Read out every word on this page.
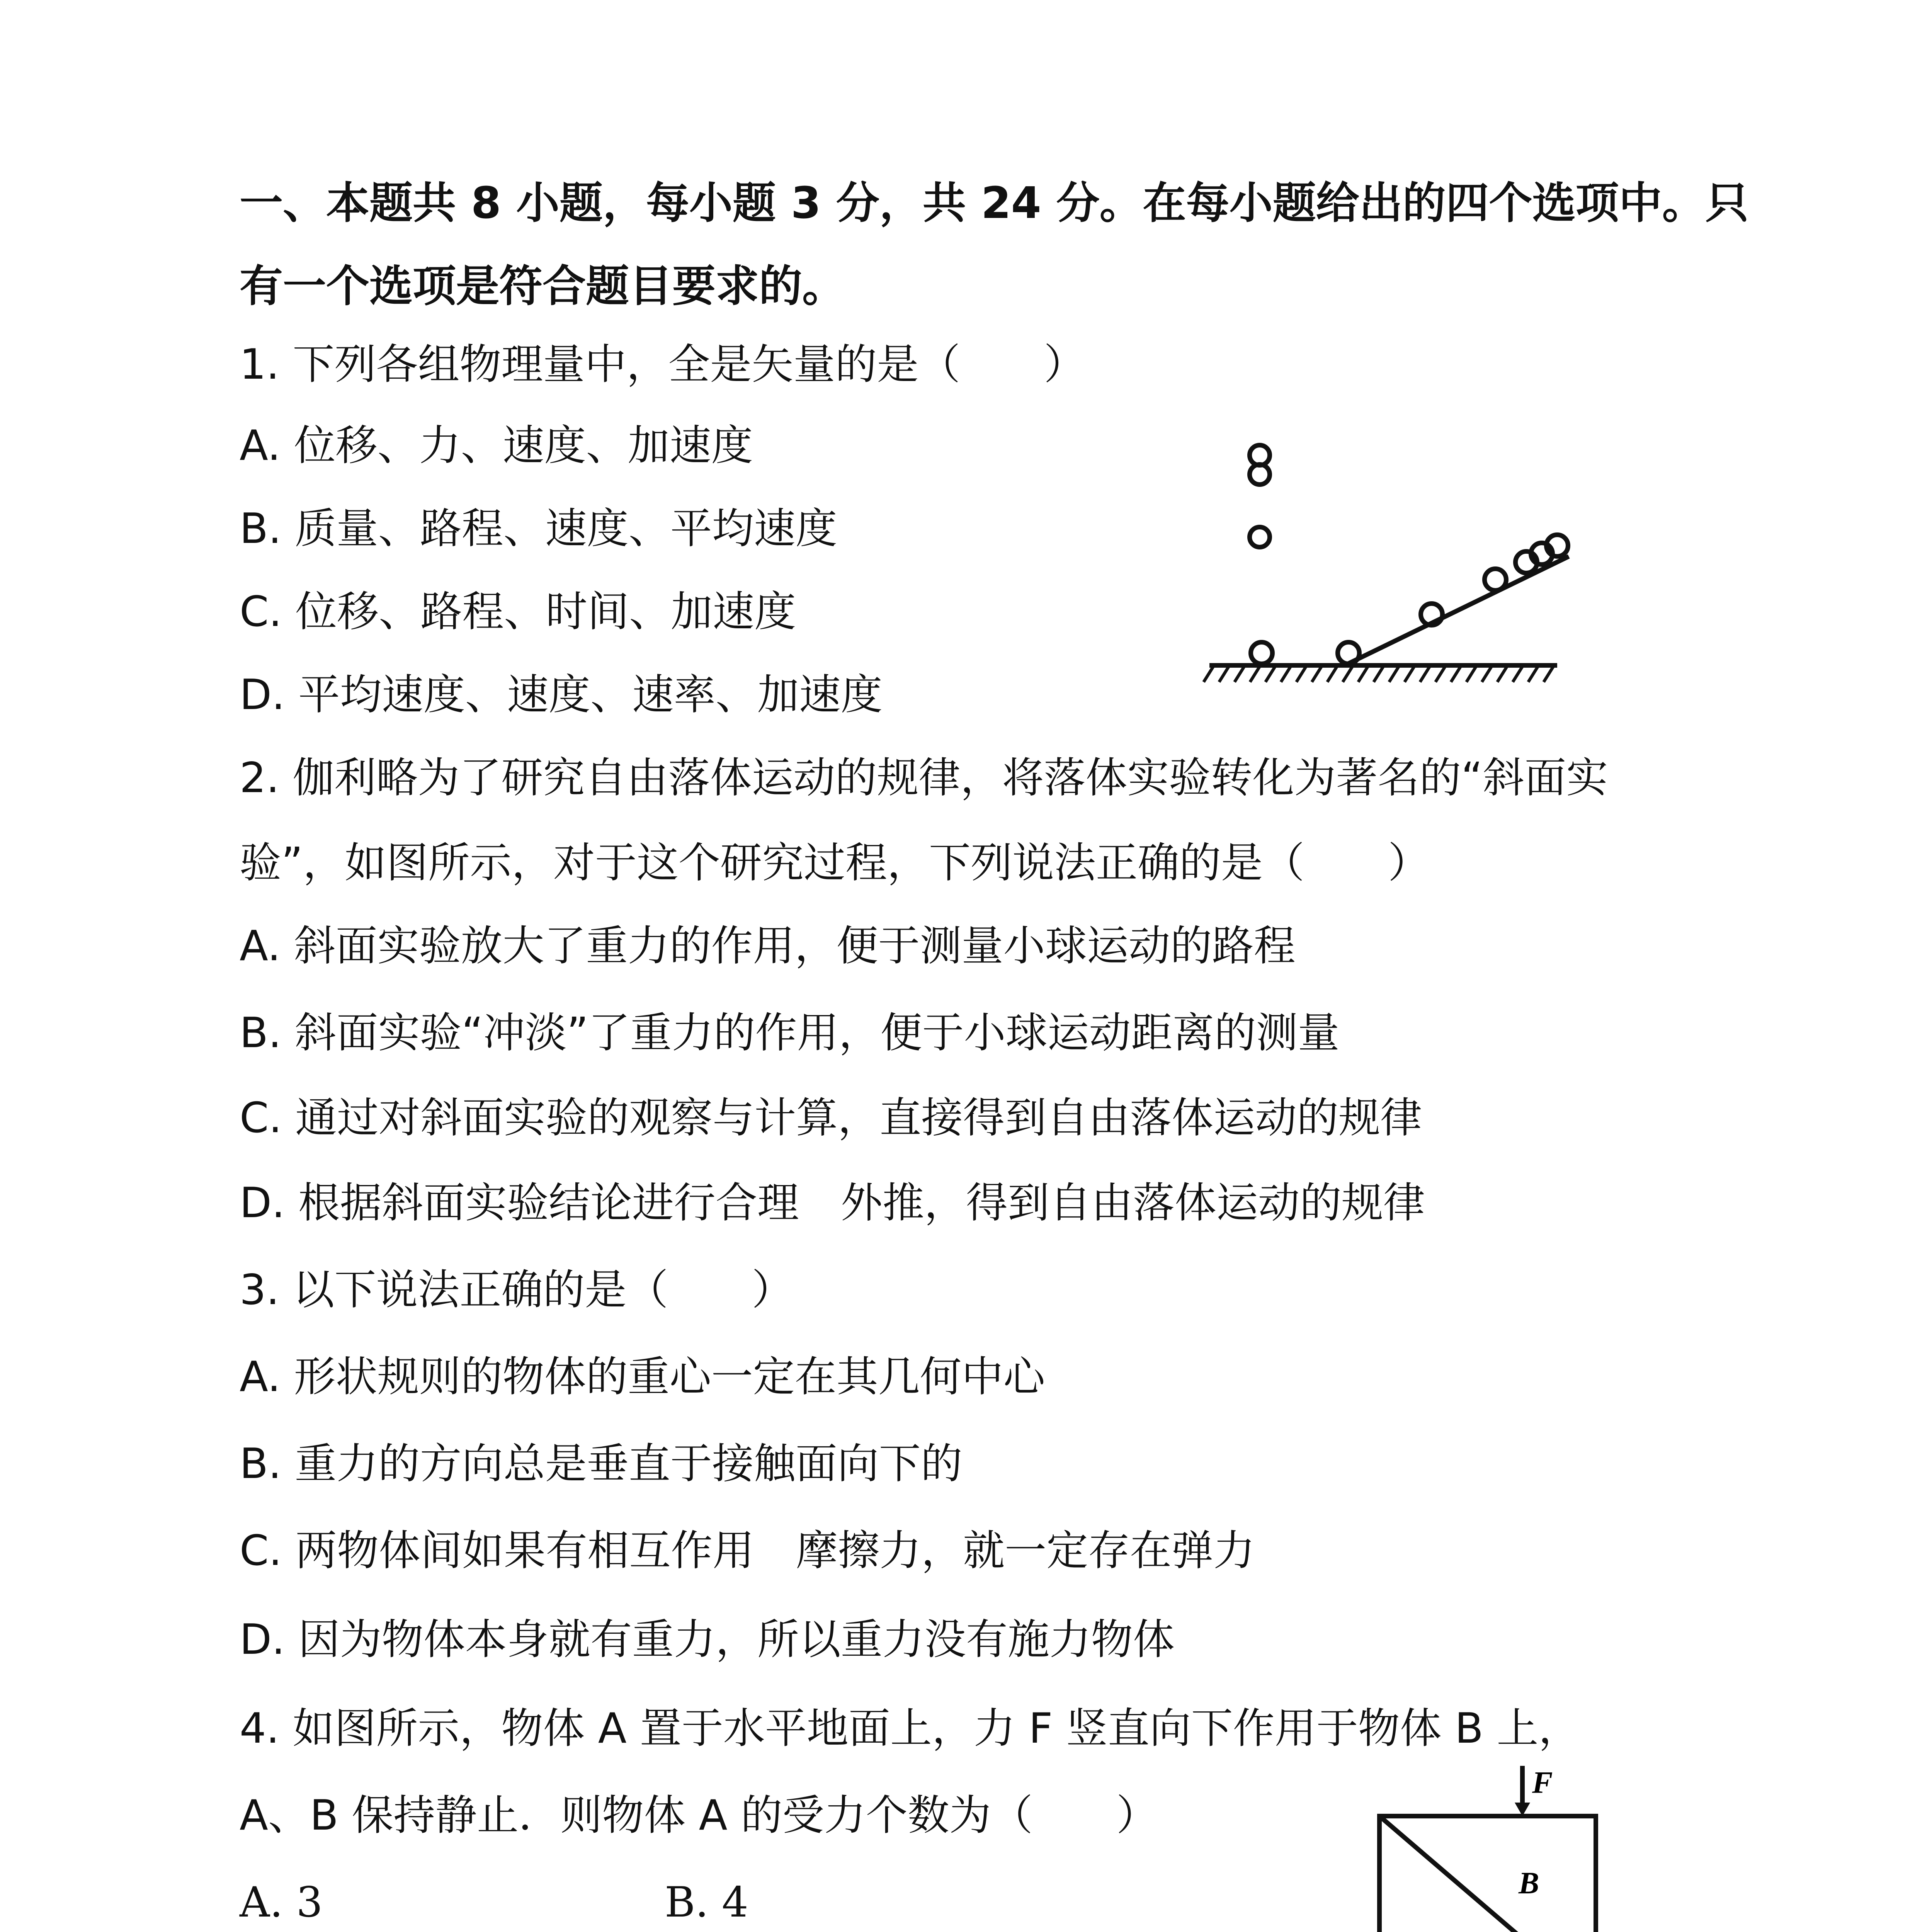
一、本题共 8 小题，每小题 3 分，共 24 分。在每小题给出的四个选项中。只
有一个选项是符合题目要求的。
1. 下列各组物理量中，全是矢量的是（　　）
A. 位移、力、速度、加速度
B. 质量、路程、速度、平均速度
C. 位移、路程、时间、加速度
D. 平均速度、速度、速率、加速度
2. 伽利略为了研究自由落体运动的规律，将落体实验转化为著名的“斜面实
验”，如图所示，对于这个研究过程，下列说法正确的是（　　）
A. 斜面实验放大了重力的作用，便于测量小球运动的路程
B. 斜面实验“冲淡”了重力的作用，便于小球运动距离的测量
C. 通过对斜面实验的观察与计算，直接得到自由落体运动的规律
D. 根据斜面实验结论进行合理　外推，得到自由落体运动的规律
3. 以下说法正确的是（　　）
A. 形状规则的物体的重心一定在其几何中心
B. 重力的方向总是垂直于接触面向下的
C. 两物体间如果有相互作用　摩擦力，就一定存在弹力
D. 因为物体本身就有重力，所以重力没有施力物体
4. 如图所示，物体 A 置于水平地面上，力 F 竖直向下作用于物体 B 上，
A、B 保持静止．则物体 A 的受力个数为（　　）
A. 3	B. 4
F
B
